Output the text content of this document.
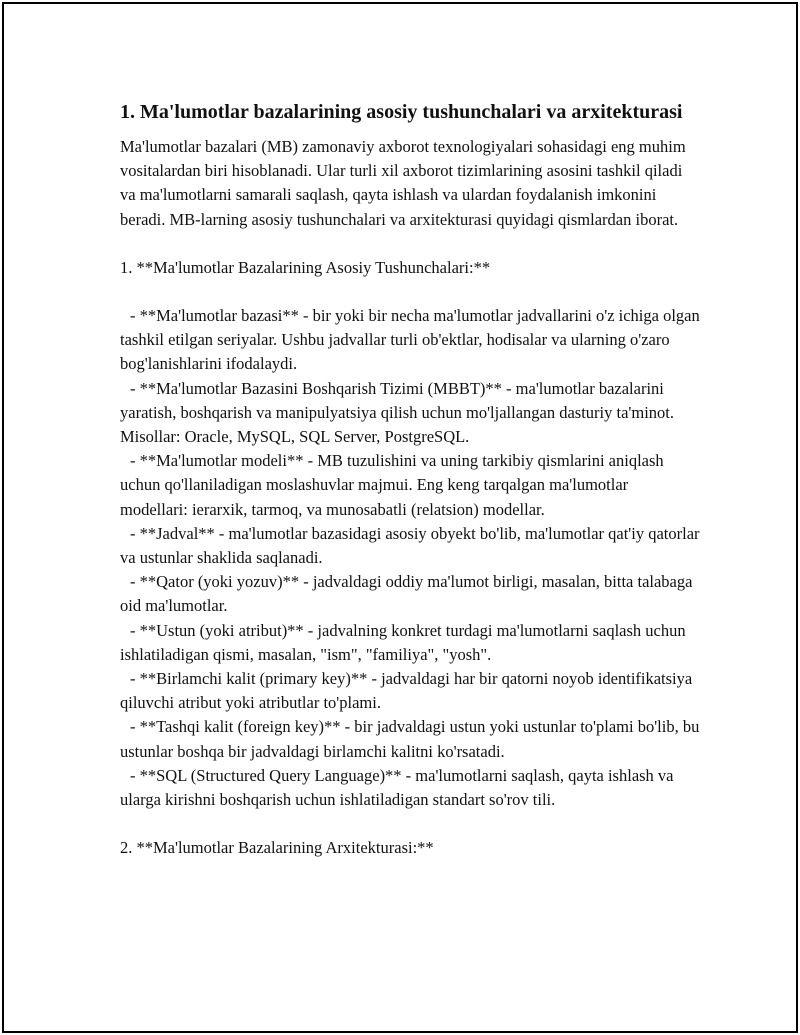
1. Ma'lumotlar bazalarining asosiy tushunchalari va arxitekturasi

Ma'lumotlar bazalari (MB) zamonaviy axborot texnologiyalari sohasidagi eng muhim vositalardan biri hisoblanadi. Ular turli xil axborot tizimlarining asosini tashkil qiladi va ma'lumotlarni samarali saqlash, qayta ishlash va ulardan foydalanish imkonini beradi. MB-larning asosiy tushunchalari va arxitekturasi quyidagi qismlardan iborat.

1. **Ma'lumotlar Bazalarining Asosiy Tushunchalari:**

- **Ma'lumotlar bazasi** - bir yoki bir necha ma'lumotlar jadvallarini o'z ichiga olgan tashkil etilgan seriyalar. Ushbu jadvallar turli ob'ektlar, hodisalar va ularning o'zaro bog'lanishlarini ifodalaydi.

- **Ma'lumotlar Bazasini Boshqarish Tizimi (MBBT)** - ma'lumotlar bazalarini yaratish, boshqarish va manipulyatsiya qilish uchun mo'ljallangan dasturiy ta'minot. Misollar: Oracle, MySQL, SQL Server, PostgreSQL.

- **Ma'lumotlar modeli** - MB tuzulishini va uning tarkibiy qismlarini aniqlash uchun qo'llaniladigan moslashuvlar majmui. Eng keng tarqalgan ma'lumotlar modellari: ierarxik, tarmoq, va munosabatli (relatsion) modellar.

- **Jadval** - ma'lumotlar bazasidagi asosiy obyekt bo'lib, ma'lumotlar qat'iy qatorlar va ustunlar shaklida saqlanadi.

- **Qator (yoki yozuv)** - jadvaldagi oddiy ma'lumot birligi, masalan, bitta talabaga oid ma'lumotlar.

- **Ustun (yoki atribut)** - jadvalning konkret turdagi ma'lumotlarni saqlash uchun ishlatiladigan qismi, masalan, "ism", "familiya", "yosh".

- **Birlamchi kalit (primary key)** - jadvaldagi har bir qatorni noyob identifikatsiya qiluvchi atribut yoki atributlar to'plami.

- **Tashqi kalit (foreign key)** - bir jadvaldagi ustun yoki ustunlar to'plami bo'lib, bu ustunlar boshqa bir jadvaldagi birlamchi kalitni ko'rsatadi.

- **SQL (Structured Query Language)** - ma'lumotlarni saqlash, qayta ishlash va ularga kirishni boshqarish uchun ishlatiladigan standart so'rov tili.

2. **Ma'lumotlar Bazalarining Arxitekturasi:**
